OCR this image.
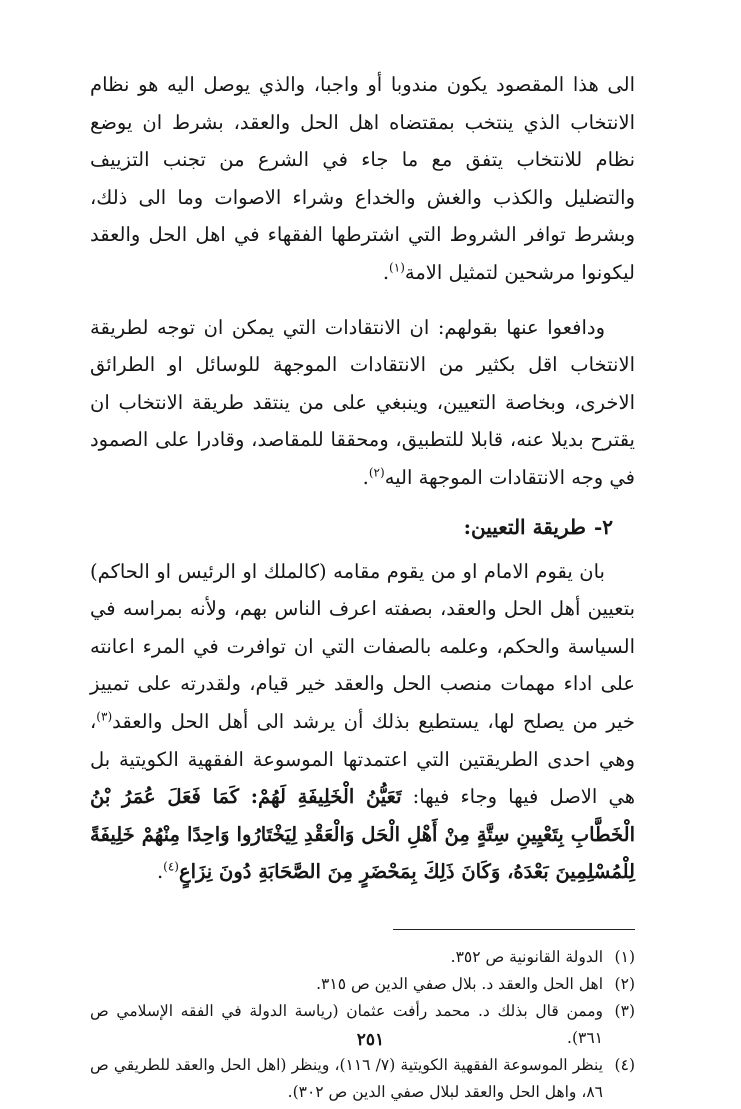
الى هذا المقصود يكون مندوبا أو واجبا، والذي يوصل اليه هو نظام الانتخاب الذي ينتخب بمقتضاه اهل الحل والعقد، بشرط ان يوضع نظام للانتخاب يتفق مع ما جاء في الشرع من تجنب التزييف والتضليل والكذب والغش والخداع وشراء الاصوات وما الى ذلك، وبشرط توافر الشروط التي اشترطها الفقهاء في اهل الحل والعقد ليكونوا مرشحين لتمثيل الامة$^{(١)}$.

ودافعوا عنها بقولهم: ان الانتقادات التي يمكن ان توجه لطريقة الانتخاب اقل بكثير من الانتقادات الموجهة للوسائل او الطرائق الاخرى، وبخاصة التعيين، وينبغي على من ينتقد طريقة الانتخاب ان يقترح بديلا عنه، قابلا للتطبيق، ومحققا للمقاصد، وقادرا على الصمود في وجه الانتقادات الموجهة اليه$^{(٢)}$.

٢-طريقة التعيين:

بان يقوم الامام او من يقوم مقامه (كالملك او الرئيس او الحاكم) بتعيين أهل الحل والعقد، بصفته اعرف الناس بهم، ولأنه بمراسه في السياسة والحكم، وعلمه بالصفات التي ان توافرت في المرء اعانته على اداء مهمات منصب الحل والعقد خير قيام، ولقدرته على تمييز خير من يصلح لها، يستطيع بذلك أن يرشد الى أهل الحل والعقد$^{(٣)}$، وهي احدى الطريقتين التي اعتمدتها الموسوعة الفقهية الكويتية بل هي الاصل فيها وجاء فيها: تَعَيُّنُ الْخَلِيفَةِ لَهُمْ: كَمَا فَعَلَ عُمَرُ بْنُ الْخَطَّابِ بِتَعْيِينِ سِتَّةٍ مِنْ أَهْلِ الْحَل وَالْعَقْدِ لِيَخْتَارُوا وَاحِدًا مِنْهُمْ خَلِيفَةً لِلْمُسْلِمِينَ بَعْدَهُ، وَكَانَ ذَلِكَ بِمَحْضَرٍ مِنَ الصَّحَابَةِ دُونَ نِزَاعٍ$^{(٤)}$.

(١)
الدولة القانونية ص ٣٥٢.
(٢)
اهل الحل والعقد د. بلال صفي الدين ص ٣١٥.
(٣)
وممن قال بذلك د. محمد رأفت عثمان (رياسة الدولة في الفقه الإسلامي ص ٣٦١).
(٤)
ينظر الموسوعة الفقهية الكويتية (٧/ ١١٦)، وينظر (اهل الحل والعقد للطريقي ص ٨٦، واهل الحل والعقد لبلال صفي الدين ص ٣٠٢).
٢٥١
